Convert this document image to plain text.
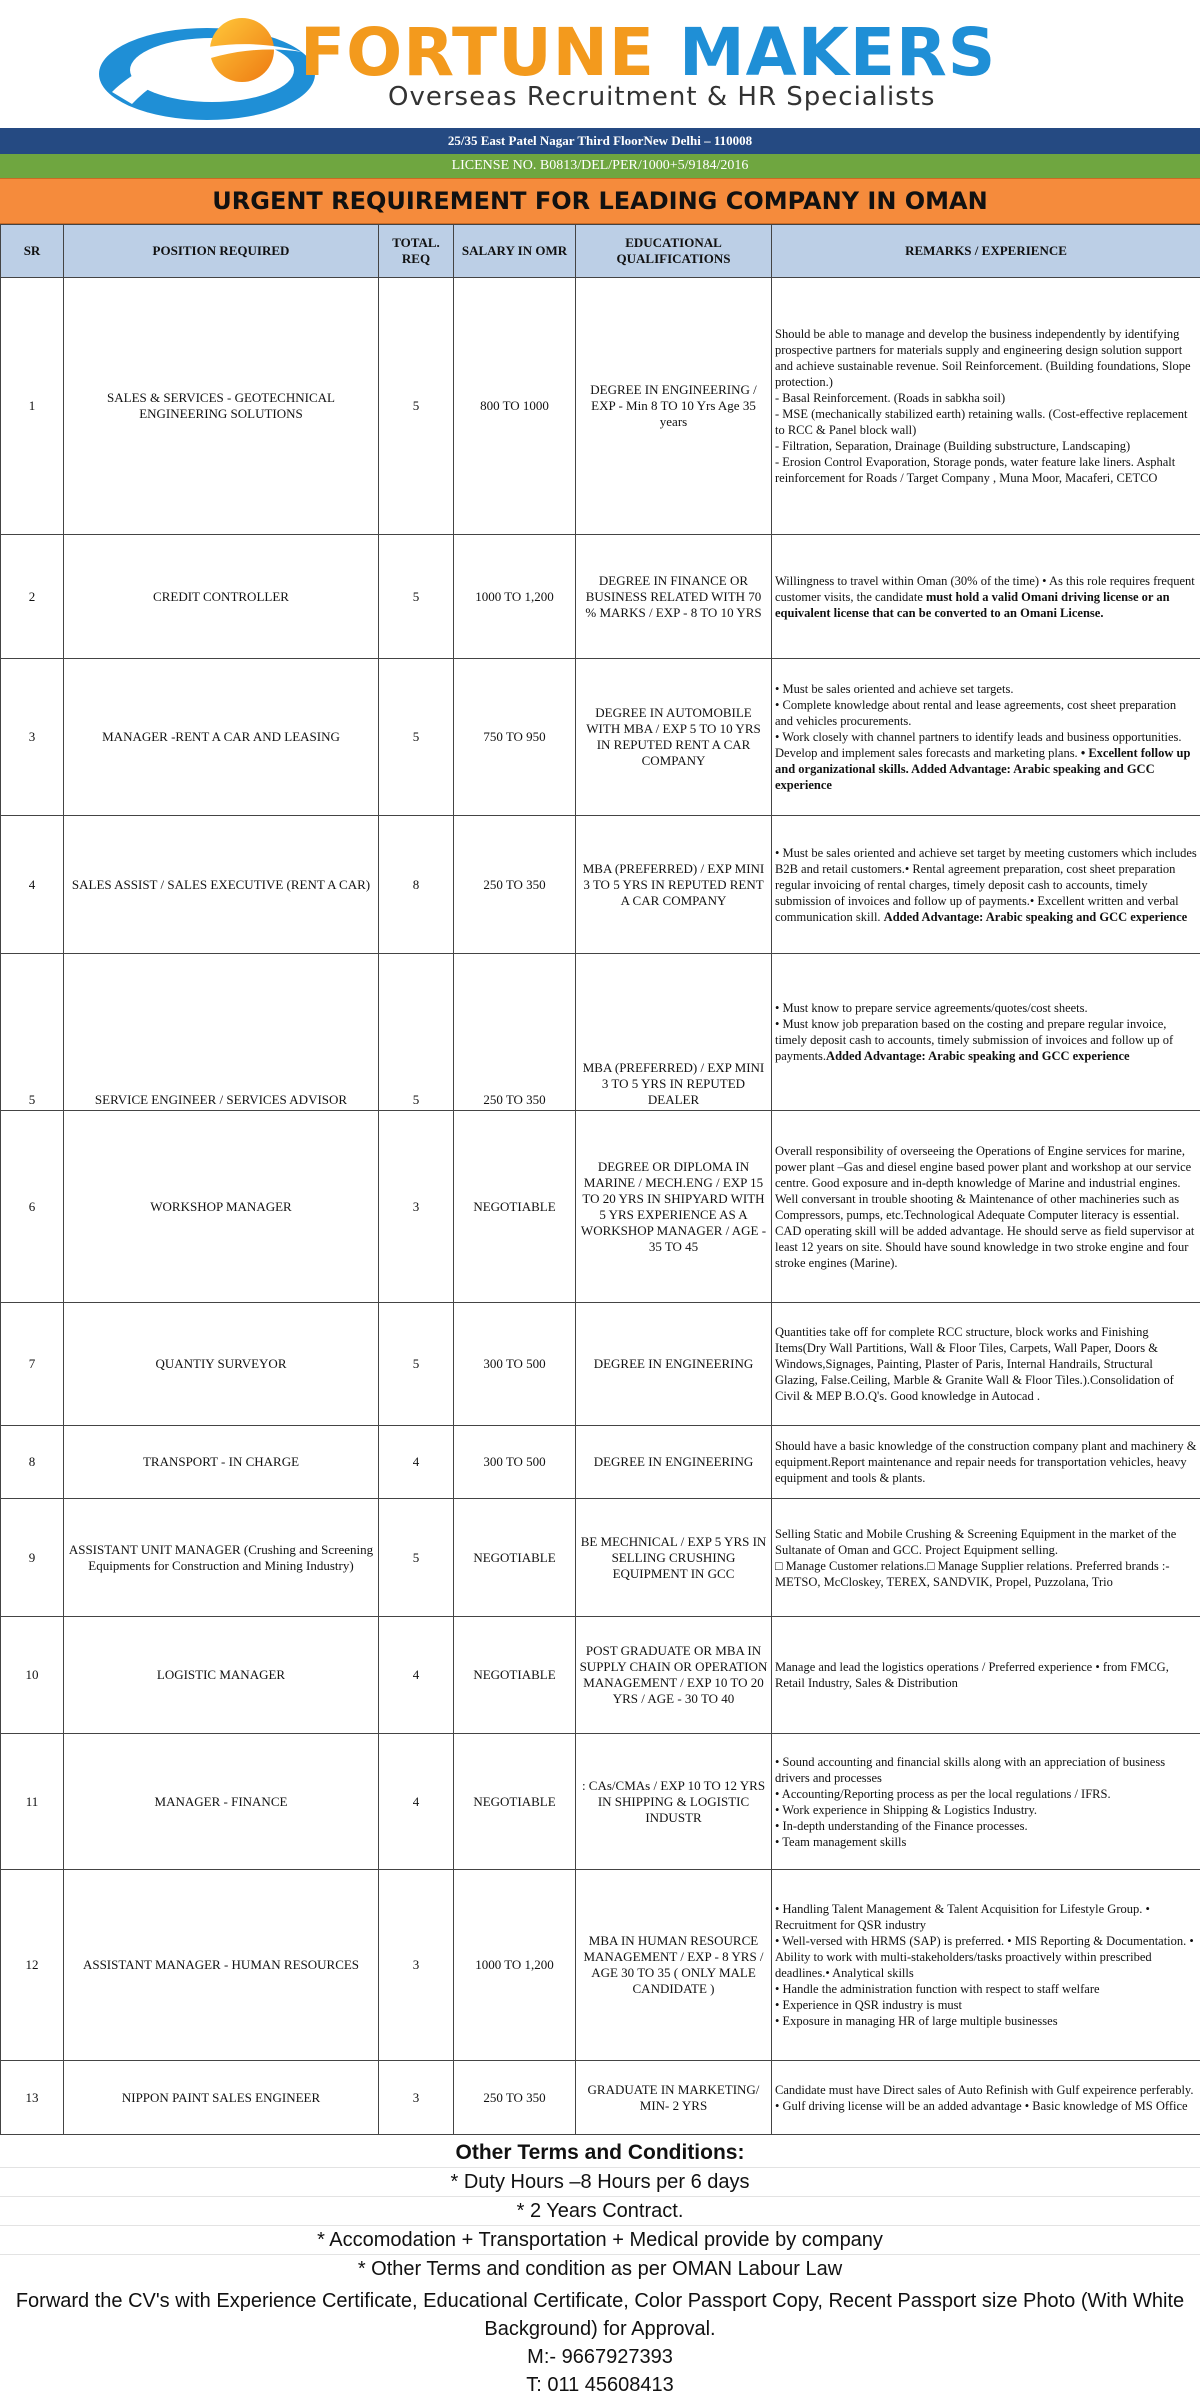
FORTUNE MAKERS
Overseas Recruitment & HR Specialists
25/35 East Patel Nagar Third FloorNew Delhi – 110008
LICENSE NO. B0813/DEL/PER/1000+5/9184/2016
URGENT REQUIREMENT FOR LEADING COMPANY IN OMAN
SR	POSITION REQUIRED	TOTAL. REQ	SALARY IN OMR	EDUCATIONAL QUALIFICATIONS	REMARKS / EXPERIENCE
1	SALES & SERVICES - GEOTECHNICAL ENGINEERING SOLUTIONS	5	800 TO 1000	DEGREE IN ENGINEERING / EXP - Min 8 TO 10 Yrs Age 35 years	Should be able to manage and develop the business independently by identifying prospective partners for materials supply and engineering design solution support and achieve sustainable revenue. Soil Reinforcement. (Building foundations, Slope protection.)
- Basal Reinforcement. (Roads in sabkha soil)
- MSE (mechanically stabilized earth) retaining walls. (Cost-effective replacement to RCC & Panel block wall)
- Filtration, Separation, Drainage (Building substructure, Landscaping)
- Erosion Control Evaporation, Storage ponds, water feature lake liners. Asphalt reinforcement for Roads / Target Company , Muna Moor, Macaferi, CETCO

2	CREDIT CONTROLLER	5	1000 TO 1,200	DEGREE IN FINANCE OR BUSINESS RELATED WITH 70 % MARKS / EXP - 8 TO 10 YRS	Willingness to travel within Oman (30% of the time) • As this role requires frequent customer visits, the candidate must hold a valid Omani driving license or an equivalent license that can be converted to an Omani License.
3	MANAGER -RENT A CAR AND LEASING	5	750 TO 950	DEGREE IN AUTOMOBILE WITH MBA / EXP 5 TO 10 YRS IN REPUTED RENT A CAR COMPANY	• Must be sales oriented and achieve set targets.
• Complete knowledge about rental and lease agreements, cost sheet preparation and vehicles procurements.
• Work closely with channel partners to identify leads and business opportunities. Develop and implement sales forecasts and marketing plans. • Excellent follow up and organizational skills. Added Advantage: Arabic speaking and GCC experience

4	SALES ASSIST / SALES EXECUTIVE (RENT A CAR)	8	250 TO 350	MBA (PREFERRED) / EXP MINI 3 TO 5 YRS IN REPUTED RENT A CAR COMPANY	• Must be sales oriented and achieve set target by meeting customers which includes B2B and retail customers.• Rental agreement preparation, cost sheet preparation regular invoicing of rental charges, timely deposit cash to accounts, timely submission of invoices and follow up of payments.• Excellent written and verbal communication skill. Added Advantage: Arabic speaking and GCC experience
5	SERVICE ENGINEER / SERVICES ADVISOR	5	250 TO 350	MBA (PREFERRED) / EXP MINI 3 TO 5 YRS IN REPUTED DEALER	• Must know to prepare service agreements/quotes/cost sheets.
• Must know job preparation based on the costing and prepare regular invoice, timely deposit cash to accounts, timely submission of invoices and follow up of payments.Added Advantage: Arabic speaking and GCC experience

6	WORKSHOP MANAGER	3	NEGOTIABLE	DEGREE OR DIPLOMA IN MARINE / MECH.ENG / EXP 15 TO 20 YRS IN SHIPYARD WITH 5 YRS EXPERIENCE AS A WORKSHOP MANAGER / AGE - 35 TO 45	Overall responsibility of overseeing the Operations of Engine services for marine, power plant –Gas and diesel engine based power plant and workshop at our service centre. Good exposure and in-depth knowledge of Marine and industrial engines. Well conversant in trouble shooting & Maintenance of other machineries such as Compressors, pumps, etc.Technological Adequate Computer literacy is essential. CAD operating skill will be added advantage. He should serve as field supervisor at least 12 years on site. Should have sound knowledge in two stroke engine and four stroke engines (Marine).
7	QUANTIY SURVEYOR	5	300 TO 500	DEGREE IN ENGINEERING	Quantities take off for complete RCC structure, block works and Finishing Items(Dry Wall Partitions, Wall & Floor Tiles, Carpets, Wall Paper, Doors & Windows,Signages, Painting, Plaster of Paris, Internal Handrails, Structural Glazing, False.Ceiling, Marble & Granite Wall & Floor Tiles.).Consolidation of Civil & MEP B.O.Q's. Good knowledge in Autocad .
8	TRANSPORT - IN CHARGE	4	300 TO 500	DEGREE IN ENGINEERING	Should have a basic knowledge of the construction company plant and machinery & equipment.Report maintenance and repair needs for transportation vehicles, heavy equipment and tools & plants.
9	ASSISTANT UNIT MANAGER (Crushing and Screening Equipments for Construction and Mining Industry)	5	NEGOTIABLE	BE MECHNICAL / EXP 5 YRS IN SELLING CRUSHING EQUIPMENT IN GCC	Selling Static and Mobile Crushing & Screening Equipment in the market of the Sultanate of Oman and GCC. Project Equipment selling.
□ Manage Customer relations.□ Manage Supplier relations. Preferred brands :- METSO, McCloskey, TEREX, SANDVIK, Propel, Puzzolana, Trio

10	LOGISTIC MANAGER	4	NEGOTIABLE	POST GRADUATE OR MBA IN SUPPLY CHAIN OR OPERATION MANAGEMENT / EXP 10 TO 20 YRS / AGE - 30 TO 40	Manage and lead the logistics operations / Preferred experience • from FMCG, Retail Industry, Sales & Distribution
11	MANAGER - FINANCE	4	NEGOTIABLE	: CAs/CMAs / EXP 10 TO 12 YRS IN SHIPPING & LOGISTIC INDUSTR	• Sound accounting and financial skills along with an appreciation of business drivers and processes
• Accounting/Reporting process as per the local regulations / IFRS.
• Work experience in Shipping & Logistics Industry.
• In-depth understanding of the Finance processes.
• Team management skills

12	ASSISTANT MANAGER - HUMAN RESOURCES	3	1000 TO 1,200	MBA IN HUMAN RESOURCE MANAGEMENT / EXP - 8 YRS / AGE 30 TO 35 ( ONLY MALE CANDIDATE )	• Handling Talent Management & Talent Acquisition for Lifestyle Group. • Recruitment for QSR industry
• Well-versed with HRMS (SAP) is preferred. • MIS Reporting & Documentation. • Ability to work with multi-stakeholders/tasks proactively within prescribed deadlines.• Analytical skills
• Handle the administration function with respect to staff welfare
• Experience in QSR industry is must
• Exposure in managing HR of large multiple businesses

13	NIPPON PAINT SALES ENGINEER	3	250 TO 350	GRADUATE IN MARKETING/ MIN- 2 YRS	Candidate must have Direct sales of Auto Refinish with Gulf expeirence perferably. • Gulf driving license will be an added advantage • Basic knowledge of MS Office
Other Terms and Conditions:
* Duty Hours –8 Hours per 6 days
* 2 Years Contract.
* Accomodation + Transportation + Medical provide by company
* Other Terms and condition as per OMAN Labour Law
Forward the CV's with Experience Certificate, Educational Certificate, Color Passport Copy, Recent Passport size Photo (With White Background) for Approval.
M:- 9667927393
T: 011 45608413
